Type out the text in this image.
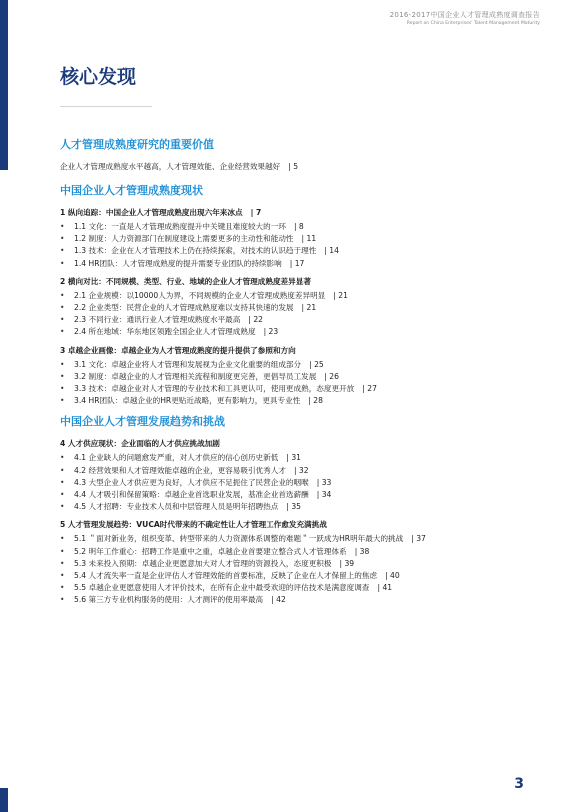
2016-2017中国企业人才管理成熟度调查报告
Report on China Enterprises' Talent Management Maturity
核心发现
人才管理成熟度研究的重要价值
企业人才管理成熟度水平越高，人才管理效能、企业经营效果越好 | 5
中国企业人才管理成熟度现状
1 纵向追踪：中国企业人才管理成熟度出现六年来冰点 | 7
• 1.1 文化：一直是人才管理成熟度提升中关键且难度较大的一环 | 8
• 1.2 制度：人力资源部门在制度建设上需要更多的主动性和能动性 | 11
• 1.3 技术：企业在人才管理技术上仍在持续探索，对技术的认识趋于理性 | 14
• 1.4 HR团队：人才管理成熟度的提升需要专业团队的持续影响 | 17
2 横向对比：不同规模、类型、行业、地域的企业人才管理成熟度差异显著
• 2.1 企业规模：以10000人为界，不同规模的企业人才管理成熟度差异明显 | 21
• 2.2 企业类型：民营企业的人才管理成熟度难以支持其快速的发展 | 21
• 2.3 不同行业：通讯行业人才管理成熟度水平最高 | 22
• 2.4 所在地域：华东地区领跑全国企业人才管理成熟度 | 23
3 卓越企业画像：卓越企业为人才管理成熟度的提升提供了参照和方向
• 3.1 文化：卓越企业将人才管理和发展视为企业文化重要的组成部分 | 25
• 3.2 制度：卓越企业的人才管理相关流程和制度更完善，更倡导员工发展 | 26
• 3.3 技术：卓越企业对人才管理的专业技术和工具更认可，使用更成熟，态度更开放 | 27
• 3.4 HR团队：卓越企业的HR更贴近战略，更有影响力，更具专业性 | 28
中国企业人才管理发展趋势和挑战
4 人才供应现状：企业面临的人才供应挑战加剧
• 4.1 企业缺人的问题愈发严重，对人才供应的信心创历史新低 | 31
• 4.2 经营效果和人才管理效能卓越的企业，更容易吸引优秀人才 | 32
• 4.3 大型企业人才供应更为良好，人才供应不足扼住了民营企业的咽喉 | 33
• 4.4 人才吸引和保留策略：卓越企业首选职业发展，基准企业首选薪酬 | 34
• 4.5 人才招聘：专业技术人员和中层管理人员是明年招聘热点 | 35
5 人才管理发展趋势：VUCA时代带来的不确定性让人才管理工作愈发充满挑战
• 5.1 ＂面对新业务，组织变革、转型带来的人力资源体系调整的难题＂一跃成为HR明年最大的挑战 | 37
• 5.2 明年工作重心：招聘工作是重中之重，卓越企业首要建立整合式人才管理体系 | 38
• 5.3 未来投入预期：卓越企业更愿意加大对人才管理的资源投入，态度更积极 | 39
• 5.4 人才流失率一直是企业评估人才管理效能的首要标准，反映了企业在人才保留上的焦虑 | 40
• 5.5 卓越企业更愿意使用人才评价技术，在所有企业中最受欢迎的评估技术是满意度调查 | 41
• 5.6 第三方专业机构服务的使用：人才测评的使用率最高 | 42
3
